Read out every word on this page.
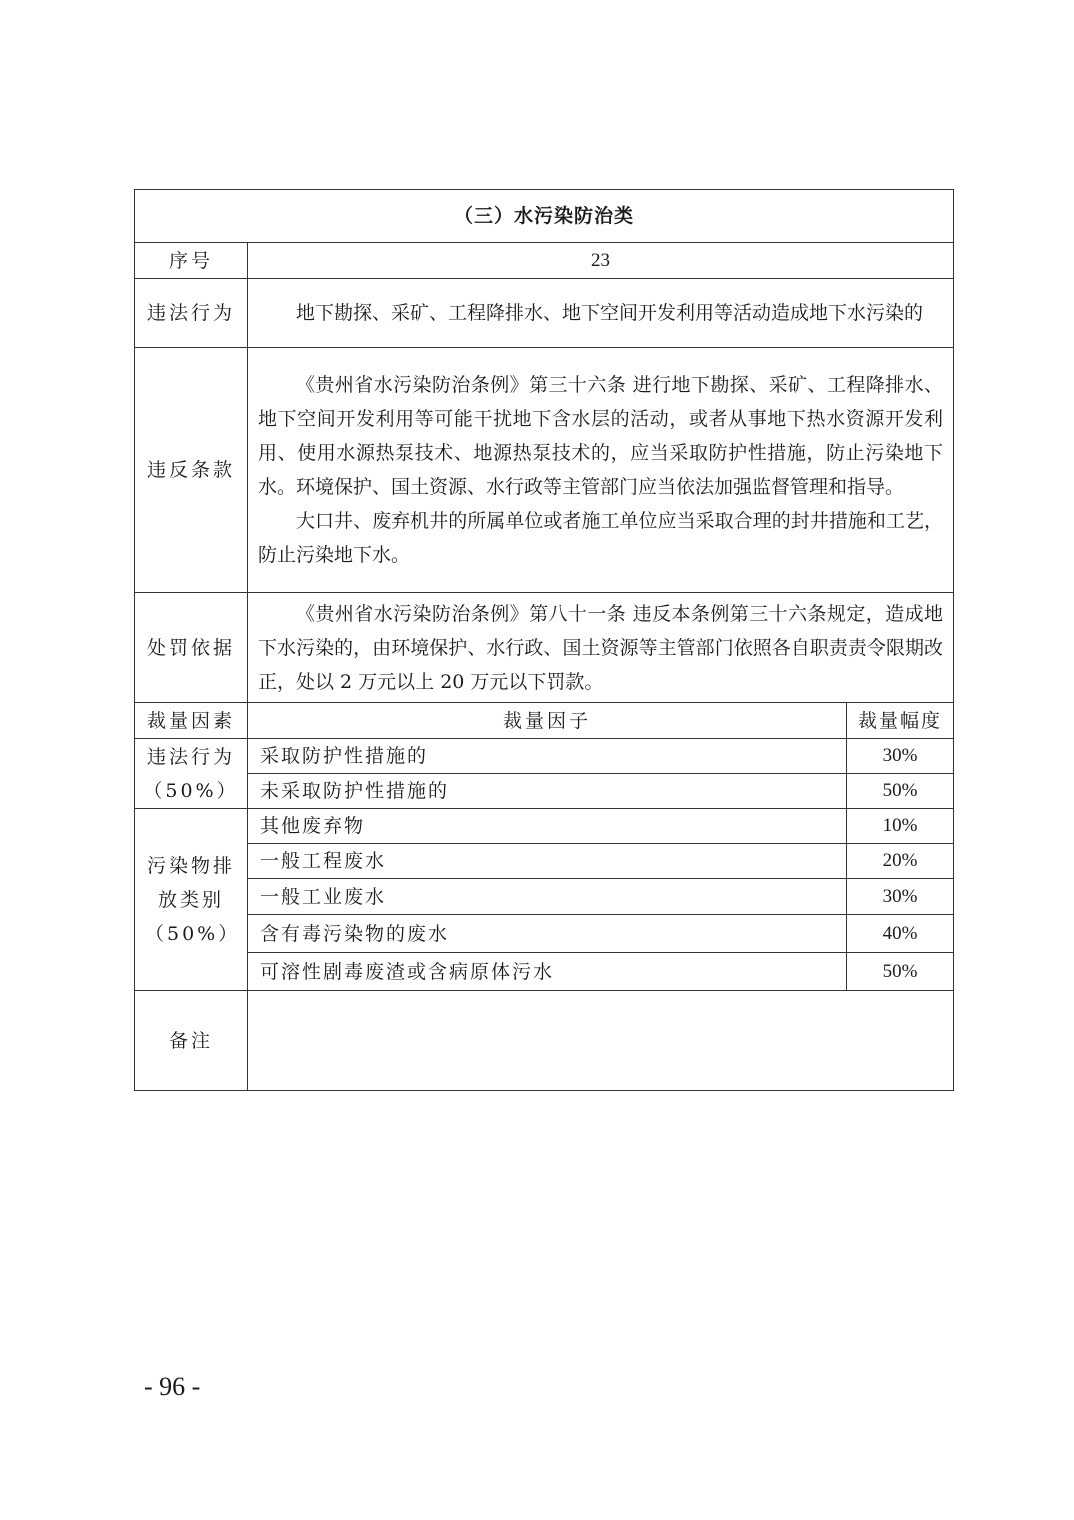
（三）水污染防治类		
序号	23	
违法行为	地下勘探、采矿、工程降排水、地下空间开发利用等活动造成地下水污染的	

违反条款	《贵州省水污染防治条例》第三十六条 进行地下勘探、采矿、工程降排水、地下空间开发利用等可能干扰地下含水层的活动，或者从事地下热水资源开发利用、使用水源热泵技术、地源热泵技术的，应当采取防护性措施，防止污染地下水。环境保护、国土资源、水行政等主管部门应当依法加强监督管理和指导。

大口井、废弃机井的所属单位或者施工单位应当采取合理的封井措施和工艺，防止污染地下水。	

处罚依据	《贵州省水污染防治条例》第八十一条 违反本条例第三十六条规定，造成地下水污染的，由环境保护、水行政、国土资源等主管部门依照各自职责责令限期改正，处以 2 万元以上 20 万元以下罚款。	

裁量因素	裁量因子	裁量幅度
违法行为（50%）	采取防护性措施的	30%
	未采取防护性措施的	50%
污染物排放类别（50%）	其他废弃物	10%
	一般工程废水	20%
	一般工业废水	30%
	含有毒污染物的废水	40%
	可溶性剧毒废渣或含病原体污水	50%
备注		
- 96 -
